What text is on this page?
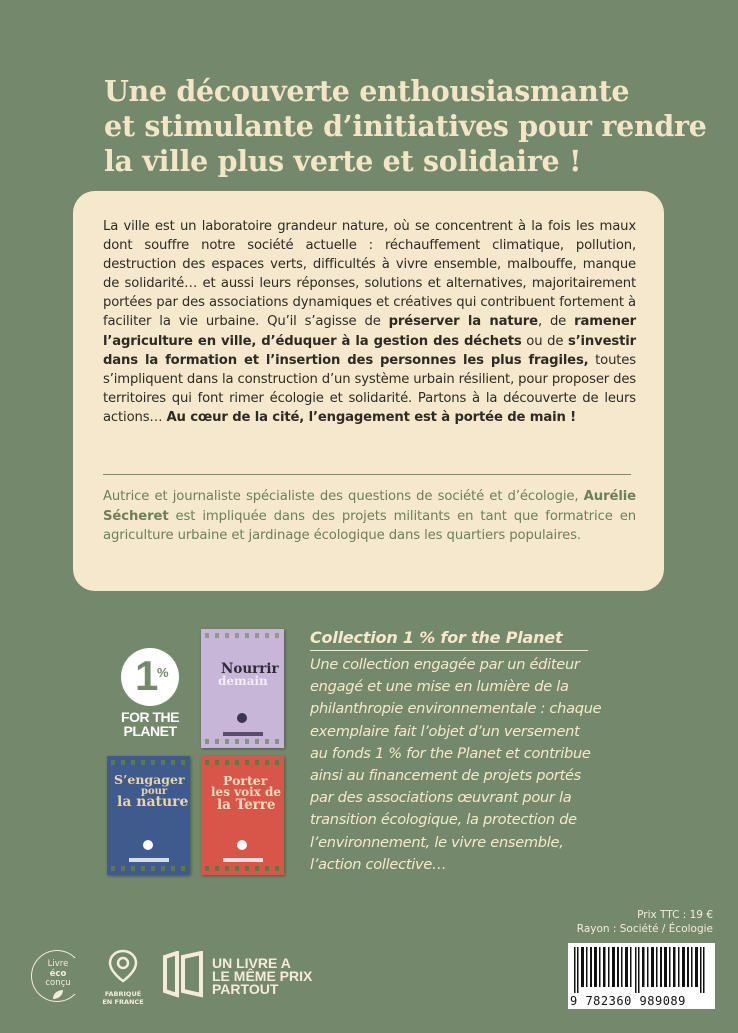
Une découverte enthousiasmante
et stimulante d’initiatives pour rendre
la ville plus verte et solidaire !

La ville est un laboratoire grandeur nature, où se concentrent à la fois les maux dont souffre notre société actuelle : réchauffement climatique, pollution, destruction des espaces verts, difficultés à vivre ensemble, malbouffe, manque de solidarité… et aussi leurs réponses, solutions et alternatives, majoritairement portées par des associations dynamiques et créatives qui contribuent fortement à faciliter la vie urbaine. Qu’il s’agisse de préserver la nature, de ramener l’agriculture en ville, d’éduquer à la gestion des déchets ou de s’investir dans la formation et l’insertion des personnes les plus fragiles, toutes s’impliquent dans la construction d’un système urbain résilient, pour proposer des territoires qui font rimer écologie et solidarité. Partons à la découverte de leurs actions… Au cœur de la cité, l’engagement est à portée de main !

Autrice et journaliste spécialiste des questions de société et d’écologie, Aurélie Sécheret est impliquée dans des projets militants en tant que formatrice en agriculture urbaine et jardinage écologique dans les quartiers populaires.

1
%
FOR THE
PLANET
Nourrir
demain
S’engager
pour
la nature
Porter
les voix de
la Terre
Collection 1 % for the Planet
Une collection engagée par un éditeur
engagé et une mise en lumière de la
philanthropie environnementale : chaque
exemplaire fait l’objet d’un versement
au fonds 1 % for the Planet et contribue
ainsi au financement de projets portés
par des associations œuvrant pour la
transition écologique, la protection de
l’environnement, le vivre ensemble,
l’action collective…
Prix TTC : 19 €
Rayon : Société / Écologie
9 782360 989089
Livre
éco
conçu
FABRIQUÉ
EN FRANCE
UN LIVRE A
LE MÊME PRIX
PARTOUT
